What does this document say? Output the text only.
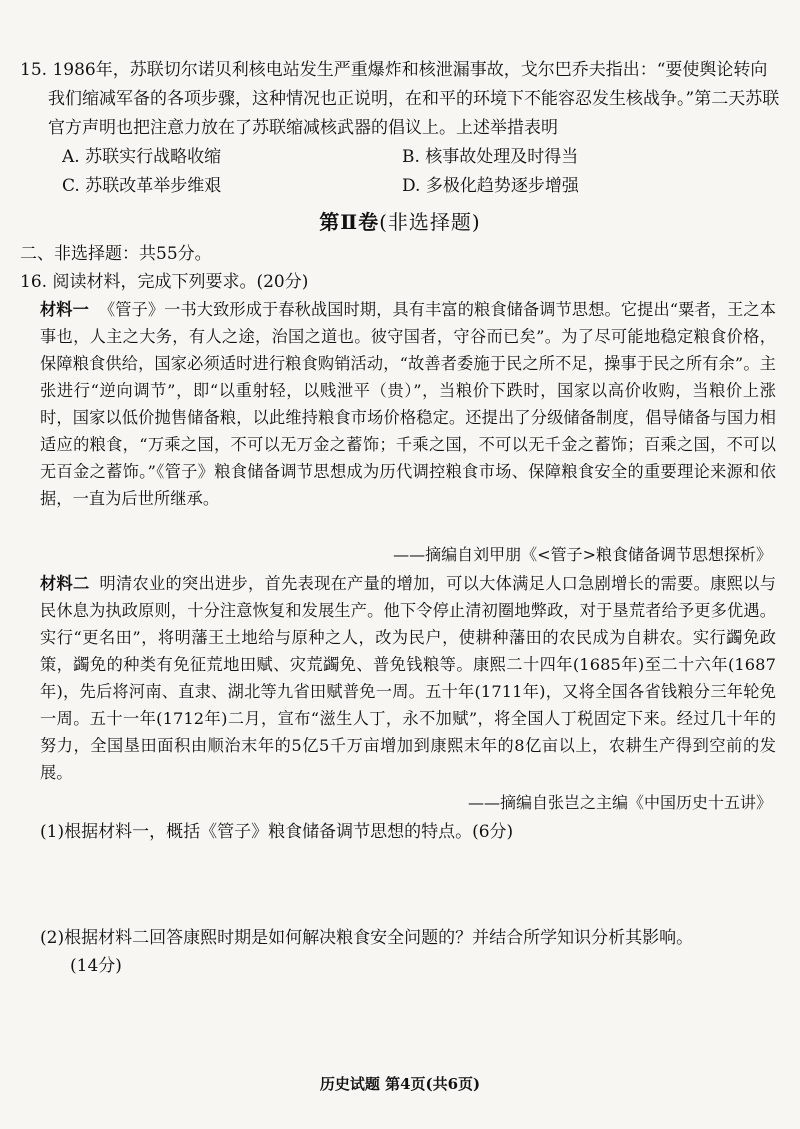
15. 1986年，苏联切尔诺贝利核电站发生严重爆炸和核泄漏事故，戈尔巴乔夫指出：“要使舆论转向我们缩减军备的各项步骤，这种情况也正说明，在和平的环境下不能容忍发生核战争。”第二天苏联官方声明也把注意力放在了苏联缩减核武器的倡议上。上述举措表明
A. 苏联实行战略收缩	B. 核事故处理及时得当
C. 苏联改革举步维艰	D. 多极化趋势逐步增强
第Ⅱ卷(非选择题)
二、非选择题：共55分。
16. 阅读材料，完成下列要求。(20分)
材料一 《管子》一书大致形成于春秋战国时期，具有丰富的粮食储备调节思想。它提出“粟者，王之本事也，人主之大务，有人之途，治国之道也。彼守国者，守谷而已矣”。为了尽可能地稳定粮食价格，保障粮食供给，国家必须适时进行粮食购销活动，“故善者委施于民之所不足，操事于民之所有余”。主张进行“逆向调节”，即“以重射轻，以贱泄平（贵）”，当粮价下跌时，国家以高价收购，当粮价上涨时，国家以低价抛售储备粮，以此维持粮食市场价格稳定。还提出了分级储备制度，倡导储备与国力相适应的粮食，“万乘之国，不可以无万金之蓄饰；千乘之国，不可以无千金之蓄饰；百乘之国，不可以无百金之蓄饰。”《管子》粮食储备调节思想成为历代调控粮食市场、保障粮食安全的重要理论来源和依据，一直为后世所继承。
——摘编自刘甲朋《<管子>粮食储备调节思想探析》
材料二 明清农业的突出进步，首先表现在产量的增加，可以大体满足人口急剧增长的需要。康熙以与民休息为执政原则，十分注意恢复和发展生产。他下令停止清初圈地弊政，对于垦荒者给予更多优遇。实行“更名田”，将明藩王土地给与原种之人，改为民户，使耕种藩田的农民成为自耕农。实行蠲免政策，蠲免的种类有免征荒地田赋、灾荒蠲免、普免钱粮等。康熙二十四年(1685年)至二十六年(1687年)，先后将河南、直隶、湖北等九省田赋普免一周。五十年(1711年)，又将全国各省钱粮分三年轮免一周。五十一年(1712年)二月，宣布“滋生人丁，永不加赋”，将全国人丁税固定下来。经过几十年的努力，全国垦田面积由顺治末年的5亿5千万亩增加到康熙末年的8亿亩以上，农耕生产得到空前的发展。
——摘编自张岂之主编《中国历史十五讲》
(1)根据材料一，概括《管子》粮食储备调节思想的特点。(6分)
(2)根据材料二回答康熙时期是如何解决粮食安全问题的？并结合所学知识分析其影响。
(14分)
历史试题 第4页(共6页)
